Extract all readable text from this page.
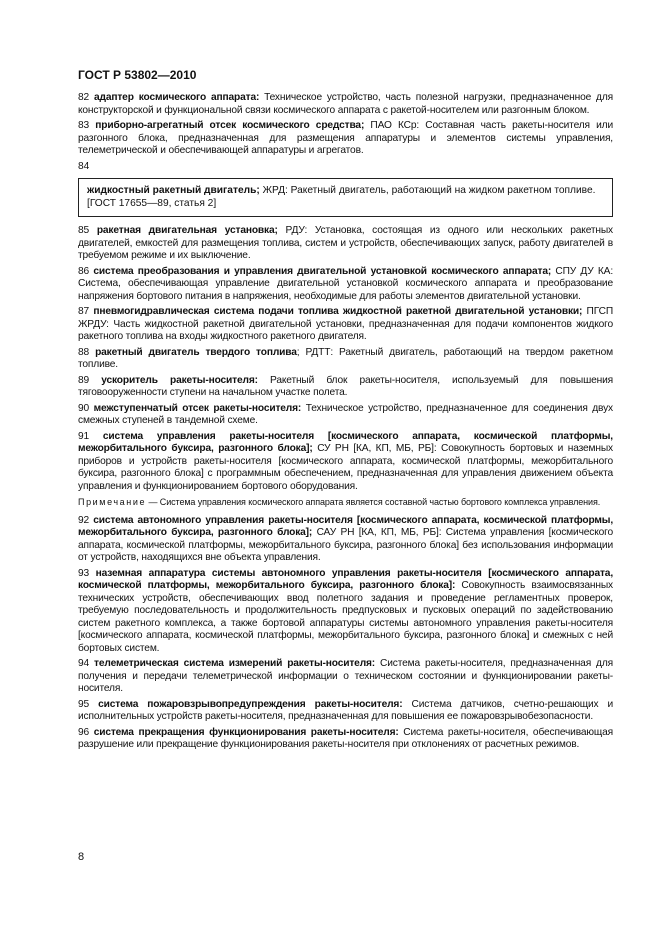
ГОСТ Р 53802—2010
82 адаптер космического аппарата: Техническое устройство, часть полезной нагрузки, предназначенное для конструкторской и функциональной связи космического аппарата с ракетой-носителем или разгонным блоком.
83 приборно-агрегатный отсек космического средства; ПАО КСр: Составная часть ракеты-носителя или разгонного блока, предназначенная для размещения аппаратуры и элементов системы управления, телеметрической и обеспечивающей аппаратуры и агрегатов.
84
жидкостный ракетный двигатель; ЖРД: Ракетный двигатель, работающий на жидком ракетном топливе.
[ГОСТ 17655—89, статья 2]
85 ракетная двигательная установка; РДУ: Установка, состоящая из одного или нескольких ракетных двигателей, емкостей для размещения топлива, систем и устройств, обеспечивающих запуск, работу двигателей в требуемом режиме и их выключение.
86 система преобразования и управления двигательной установкой космического аппарата; СПУ ДУ КА: Система, обеспечивающая управление двигательной установкой космического аппарата и преобразование напряжения бортового питания в напряжения, необходимые для работы элементов двигательной установки.
87 пневмогидравлическая система подачи топлива жидкостной ракетной двигательной установки; ПГСП ЖРДУ: Часть жидкостной ракетной двигательной установки, предназначенная для подачи компонентов жидкого ракетного топлива на входы жидкостного ракетного двигателя.
88 ракетный двигатель твердого топлива; РДТТ: Ракетный двигатель, работающий на твердом ракетном топливе.
89 ускоритель ракеты-носителя: Ракетный блок ракеты-носителя, используемый для повышения тяговооруженности ступени на начальном участке полета.
90 межступенчатый отсек ракеты-носителя: Техническое устройство, предназначенное для соединения двух смежных ступеней в тандемной схеме.
91 система управления ракеты-носителя [космического аппарата, космической платформы, межорбитального буксира, разгонного блока]; СУ РН [КА, КП, МБ, РБ]: Совокупность бортовых и наземных приборов и устройств ракеты-носителя [космического аппарата, космической платформы, межорбитального буксира, разгонного блока] с программным обеспечением, предназначенная для управления движением объекта управления и функционированием бортового оборудования.
Примечание — Система управления космического аппарата является составной частью бортового комплекса управления.
92 система автономного управления ракеты-носителя [космического аппарата, космической платформы, межорбитального буксира, разгонного блока]; САУ РН [КА, КП, МБ, РБ]: Система управления [космического аппарата, космической платформы, межорбитального буксира, разгонного блока] без использования информации от устройств, находящихся вне объекта управления.
93 наземная аппаратура системы автономного управления ракеты-носителя [космического аппарата, космической платформы, межорбитального буксира, разгонного блока]: Совокупность взаимосвязанных технических устройств, обеспечивающих ввод полетного задания и проведение регламентных проверок, требуемую последовательность и продолжительность предпусковых и пусковых операций по задействованию систем ракетного комплекса, а также бортовой аппаратуры системы автономного управления ракеты-носителя [космического аппарата, космической платформы, межорбитального буксира, разгонного блока] и смежных с ней бортовых систем.
94 телеметрическая система измерений ракеты-носителя: Система ракеты-носителя, предназначенная для получения и передачи телеметрической информации о техническом состоянии и функционировании ракеты-носителя.
95 система пожаровзрывопредупреждения ракеты-носителя: Система датчиков, счетно-решающих и исполнительных устройств ракеты-носителя, предназначенная для повышения ее пожаровзрывобезопасности.
96 система прекращения функционирования ракеты-носителя: Система ракеты-носителя, обеспечивающая разрушение или прекращение функционирования ракеты-носителя при отклонениях от расчетных режимов.
8
